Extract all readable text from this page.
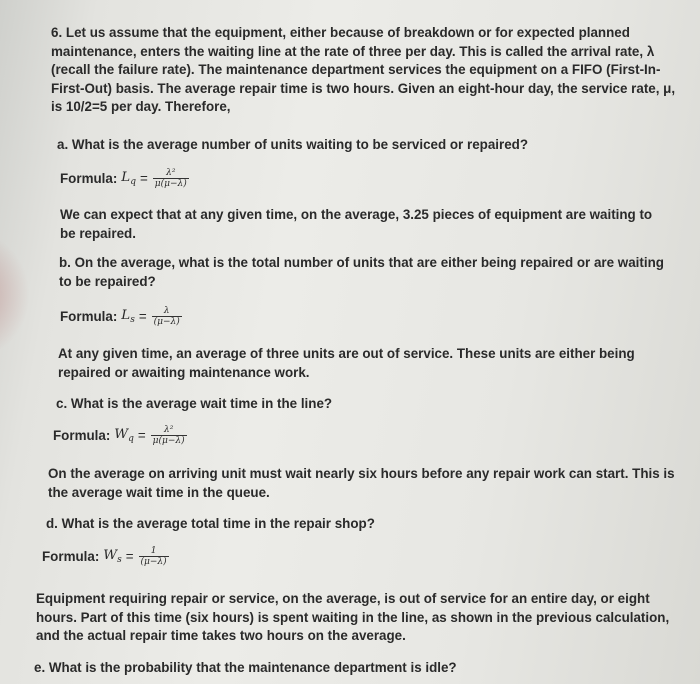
6. Let us assume that the equipment, either because of breakdown or for expected planned maintenance, enters the waiting line at the rate of three per day. This is called the arrival rate, λ (recall the failure rate). The maintenance department services the equipment on a FIFO (First-In-First-Out) basis. The average repair time is two hours. Given an eight-hour day, the service rate, μ, is 10/2=5 per day. Therefore,
a. What is the average number of units waiting to be serviced or repaired?
Formula: $L_q = \frac{\text{λ²}}{\mu(\mu-\lambda)}$
We can expect that at any given time, on the average, 3.25 pieces of equipment are waiting to be repaired.
b. On the average, what is the total number of units that are either being repaired or are waiting to be repaired?
Formula: $L_s = \frac{\lambda}{(\mu-\lambda)}$
At any given time, an average of three units are out of service. These units are either being repaired or awaiting maintenance work.
c. What is the average wait time in the line?
Formula: $W_q = \frac{\text{λ²}}{\mu(\mu-\lambda)}$
On the average on arriving unit must wait nearly six hours before any repair work can start. This is the average wait time in the queue.
d. What is the average total time in the repair shop?
Formula: $W_s = \frac{1}{(\mu-\lambda)}$
Equipment requiring repair or service, on the average, is out of service for an entire day, or eight hours. Part of this time (six hours) is spent waiting in the line, as shown in the previous calculation, and the actual repair time takes two hours on the average.
e. What is the probability that the maintenance department is idle?
